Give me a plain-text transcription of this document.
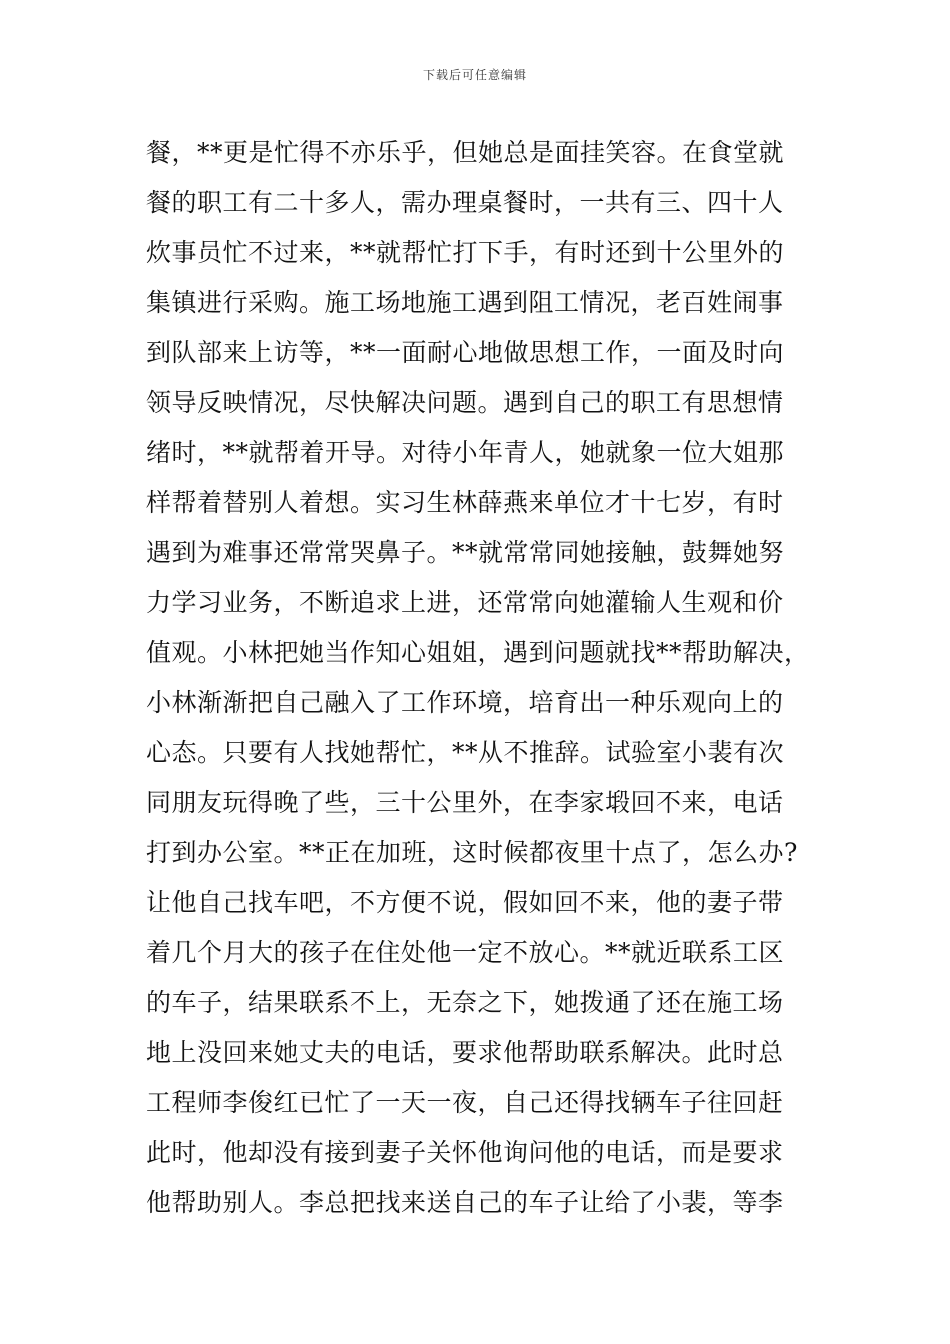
下载后可任意编辑
餐，**更是忙得不亦乐乎，但她总是面挂笑容。在食堂就
餐的职工有二十多人，需办理桌餐时，一共有三、四十人
炊事员忙不过来，**就帮忙打下手，有时还到十公里外的
集镇进行采购。施工场地施工遇到阻工情况，老百姓闹事
到队部来上访等，**一面耐心地做思想工作，一面及时向
领导反映情况，尽快解决问题。遇到自己的职工有思想情
绪时，**就帮着开导。对待小年青人，她就象一位大姐那
样帮着替别人着想。实习生林薛燕来单位才十七岁，有时
遇到为难事还常常哭鼻子。**就常常同她接触，鼓舞她努
力学习业务，不断追求上进，还常常向她灌输人生观和价
值观。小林把她当作知心姐姐，遇到问题就找**帮助解决，
小林渐渐把自己融入了工作环境，培育出一种乐观向上的
心态。只要有人找她帮忙，**从不推辞。试验室小裴有次
同朋友玩得晚了些，三十公里外，在李家塅回不来，电话
打到办公室。**正在加班，这时候都夜里十点了，怎么办?
让他自己找车吧，不方便不说，假如回不来，他的妻子带
着几个月大的孩子在住处他一定不放心。**就近联系工区
的车子，结果联系不上，无奈之下，她拨通了还在施工场
地上没回来她丈夫的电话，要求他帮助联系解决。此时总
工程师李俊红已忙了一天一夜，自己还得找辆车子往回赶
此时，他却没有接到妻子关怀他询问他的电话，而是要求
他帮助别人。李总把找来送自己的车子让给了小裴，等李
